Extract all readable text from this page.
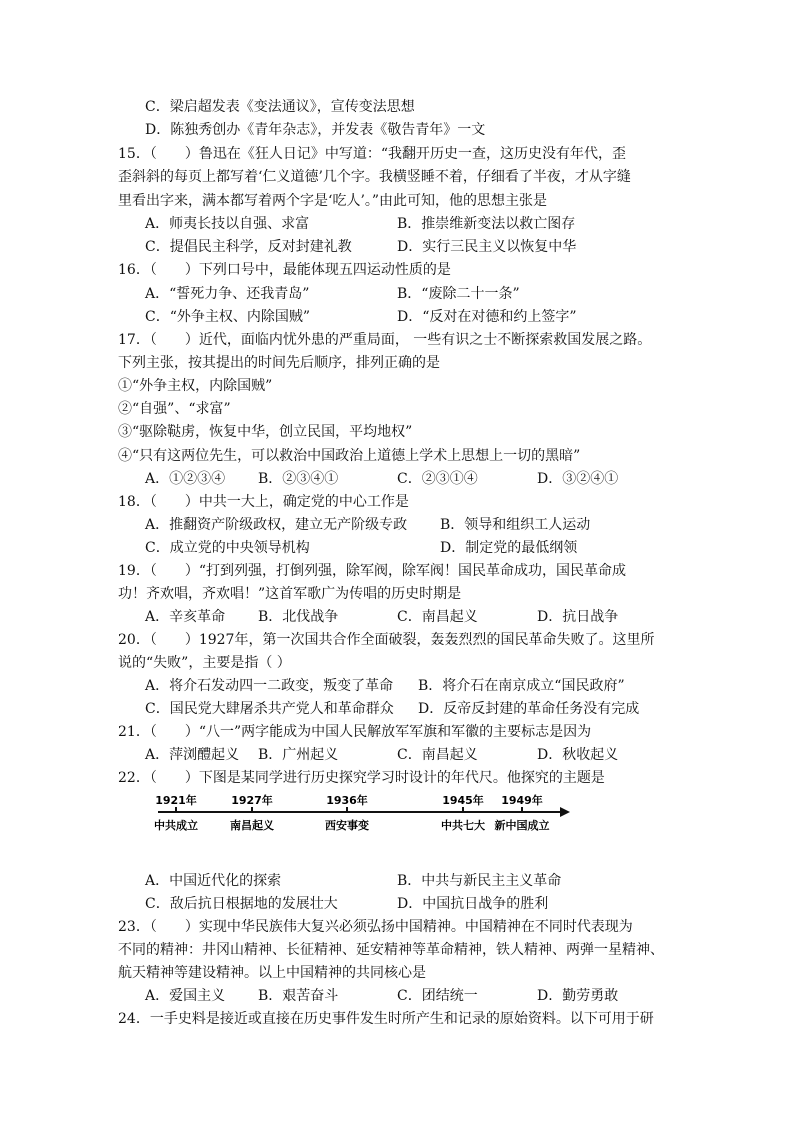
C．梁启超发表《变法通议》，宣传变法思想
D．陈独秀创办《青年杂志》，并发表《敬告青年》一文
15．（　　）鲁迅在《狂人日记》中写道：“我翻开历史一查，这历史没有年代，歪
歪斜斜的每页上都写着‘仁义道德’几个字。我横竖睡不着，仔细看了半夜，才从字缝
里看出字来，满本都写着两个字是‘吃人’。”由此可知，他的思想主张是
A．师夷长技以自强、求富	B．推崇维新变法以救亡图存
C．提倡民主科学，反对封建礼教	D．实行三民主义以恢复中华
16．（　　）下列口号中，最能体现五四运动性质的是
A．“誓死力争、还我青岛”	B．“废除二十一条”
C．“外争主权、内除国贼”	D．“反对在对德和约上签字”
17．（　　）近代，面临内忧外患的严重局面， 一些有识之士不断探索救国发展之路。
下列主张，按其提出的时间先后顺序，排列正确的是
①“外争主权，内除国贼”
②“自强”、“求富”
③“驱除鞑虏，恢复中华，创立民国，平均地权”
④“只有这两位先生，可以救治中国政治上道德上学术上思想上一切的黑暗”
A．①②③④ B．②③④①	C．②③①④	D．③②④①
18．（　　）中共一大上，确定党的中心工作是
A．推翻资产阶级政权，建立无产阶级专政 B．领导和组织工人运动
C．成立党的中央领导机构	D．制定党的最低纲领
19．（　　）“打到列强，打倒列强，除军阀，除军阀！国民革命成功，国民革命成
功！齐欢唱，齐欢唱！”这首军歌广为传唱的历史时期是
A．辛亥革命 B．北伐战争	C．南昌起义	D．抗日战争
20．（　　）1927年，第一次国共合作全面破裂，轰轰烈烈的国民革命失败了。这里所
说的“失败”，主要是指（ ）
A．将介石发动四一二政变，叛变了革命 B．将介石在南京成立“国民政府”
C．国民党大肆屠杀共产党人和革命群众 D．反帝反封建的革命任务没有完成
21．（　　）“八一”两字能成为中国人民解放军军旗和军徽的主要标志是因为
A．萍浏醴起义 B．广州起义	C．南昌起义	D．秋收起义
22．（　　）下图是某同学进行历史探究学习时设计的年代尺。他探究的主题是
1921年
中共成立
1927年
南昌起义
1936年
西安事变
1945年
中共七大
1949年
新中国成立
A．中国近代化的探索	B．中共与新民主主义革命
C．敌后抗日根据地的发展壮大	D．中国抗日战争的胜利
23．（　　）实现中华民族伟大复兴必须弘扬中国精神。中国精神在不同时代表现为
不同的精神：井冈山精神、长征精神、延安精神等革命精神，铁人精神、两弹一星精神、
航天精神等建设精神。以上中国精神的共同核心是
A．爱国主义 B．艰苦奋斗	C．团结统一	D．勤劳勇敢
24．一手史料是接近或直接在历史事件发生时所产生和记录的原始资料。以下可用于研
